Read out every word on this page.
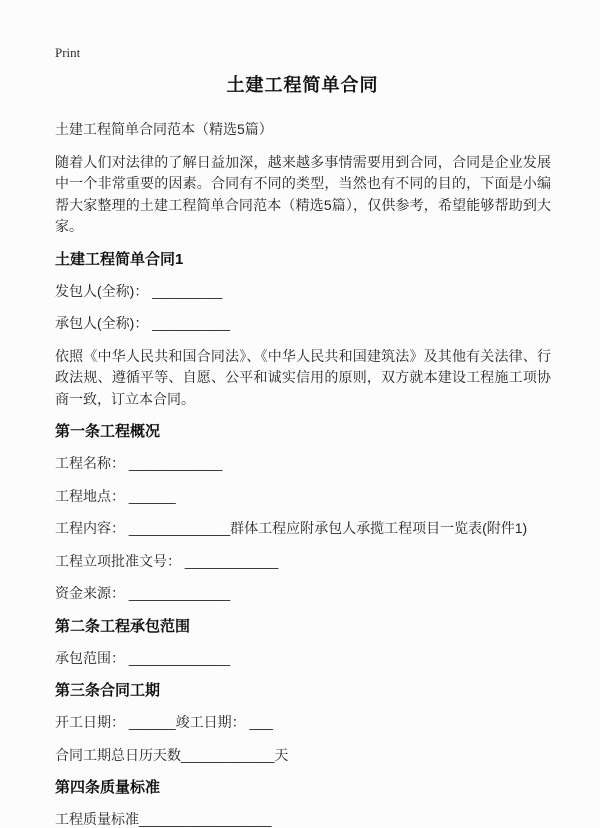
Print
土建工程简单合同

土建工程简单合同范本（精选5篇）

随着人们对法律的了解日益加深，越来越多事情需要用到合同，合同是企业发展中一个非常重要的因素。合同有不同的类型，当然也有不同的目的，下面是小编帮大家整理的土建工程简单合同范本（精选5篇），仅供参考，希望能够帮助到大家。

土建工程简单合同1

发包人(全称)： _________

承包人(全称)： __________

依照《中华人民共和国合同法》、《中华人民共和国建筑法》及其他有关法律、行政法规、遵循平等、自愿、公平和诚实信用的原则，双方就本建设工程施工项协商一致，订立本合同。

第一条工程概况

工程名称： ____________

工程地点： ______

工程内容： _____________群体工程应附承包人承揽工程项目一览表(附件1)

工程立项批准文号： ____________

资金来源： _____________

第二条工程承包范围

承包范围： _____________

第三条合同工期

开工日期： ______竣工日期： ___

合同工期总日历天数____________天

第四条质量标准

工程质量标准_________________
